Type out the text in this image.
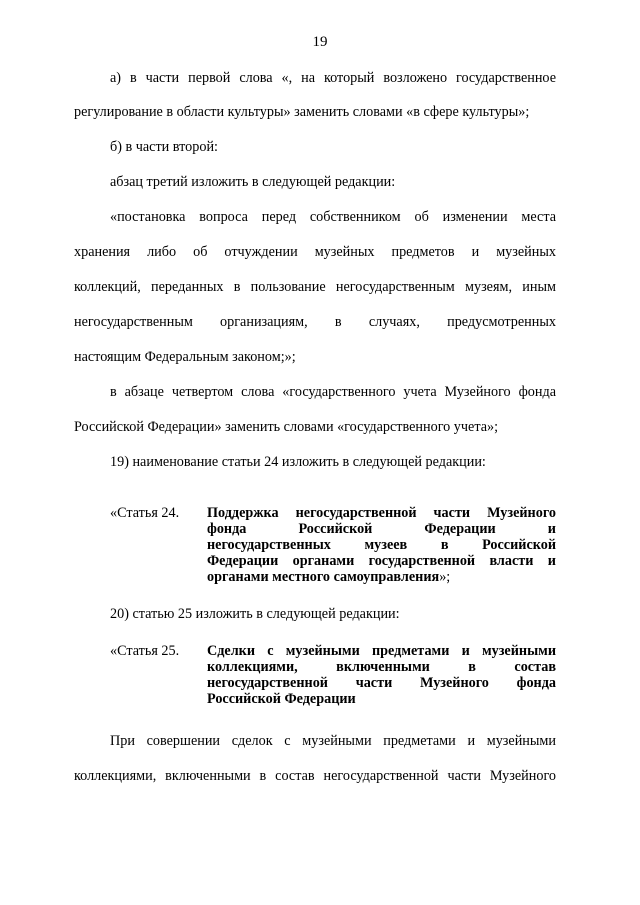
19
а) в части первой слова «, на который возложено государственное
регулирование в области культуры» заменить словами «в сфере культуры»;
б) в части второй:
абзац третий изложить в следующей редакции:
«постановка вопроса перед собственником об изменении места
хранения либо об отчуждении музейных предметов и музейных
коллекций, переданных в пользование негосударственным музеям, иным
негосударственным организациям, в случаях, предусмотренных
настоящим Федеральным законом;»;
в абзаце четвертом слова «государственного учета Музейного фонда
Российской Федерации» заменить словами «государственного учета»;
19) наименование статьи 24 изложить в следующей редакции:
«Статья 24. Поддержка негосударственной части Музейного
фонда	Российской	Федерации	и
негосударственных музеев в Российской
Федерации органами государственной власти и
органами местного самоуправления »;
20) статью 25 изложить в следующей редакции:
«Статья 25. Сделки с музейными предметами и музейными
коллекциями,	включенными	в	состав
негосударственной части Музейного фонда
Российской Федерации
При совершении сделок с музейными предметами и музейными
коллекциями, включенными в состав негосударственной части Музейного
